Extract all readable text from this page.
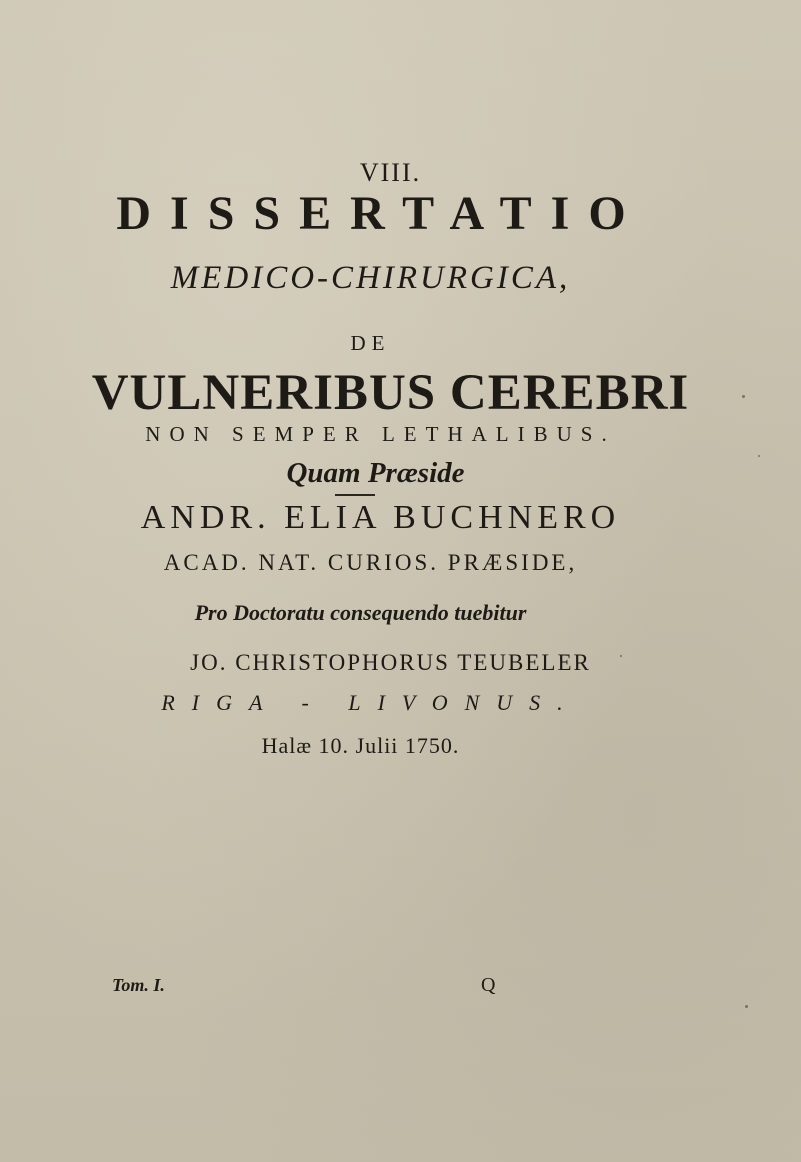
VIII.
DISSERTATIO
MEDICO-CHIRURGICA,
DE
VULNERIBUS CEREBRI
NON SEMPER LETHALIBUS.
Quam Præside
ANDR. ELIA BUCHNERO
ACAD. NAT. CURIOS. PRÆSIDE,
Pro Doctoratu consequendo tuebitur
JO. CHRISTOPHORUS TEUBELER
RIGA - LIVONUS.
Halæ 10. Julii 1750.
Tom. I.	Q
